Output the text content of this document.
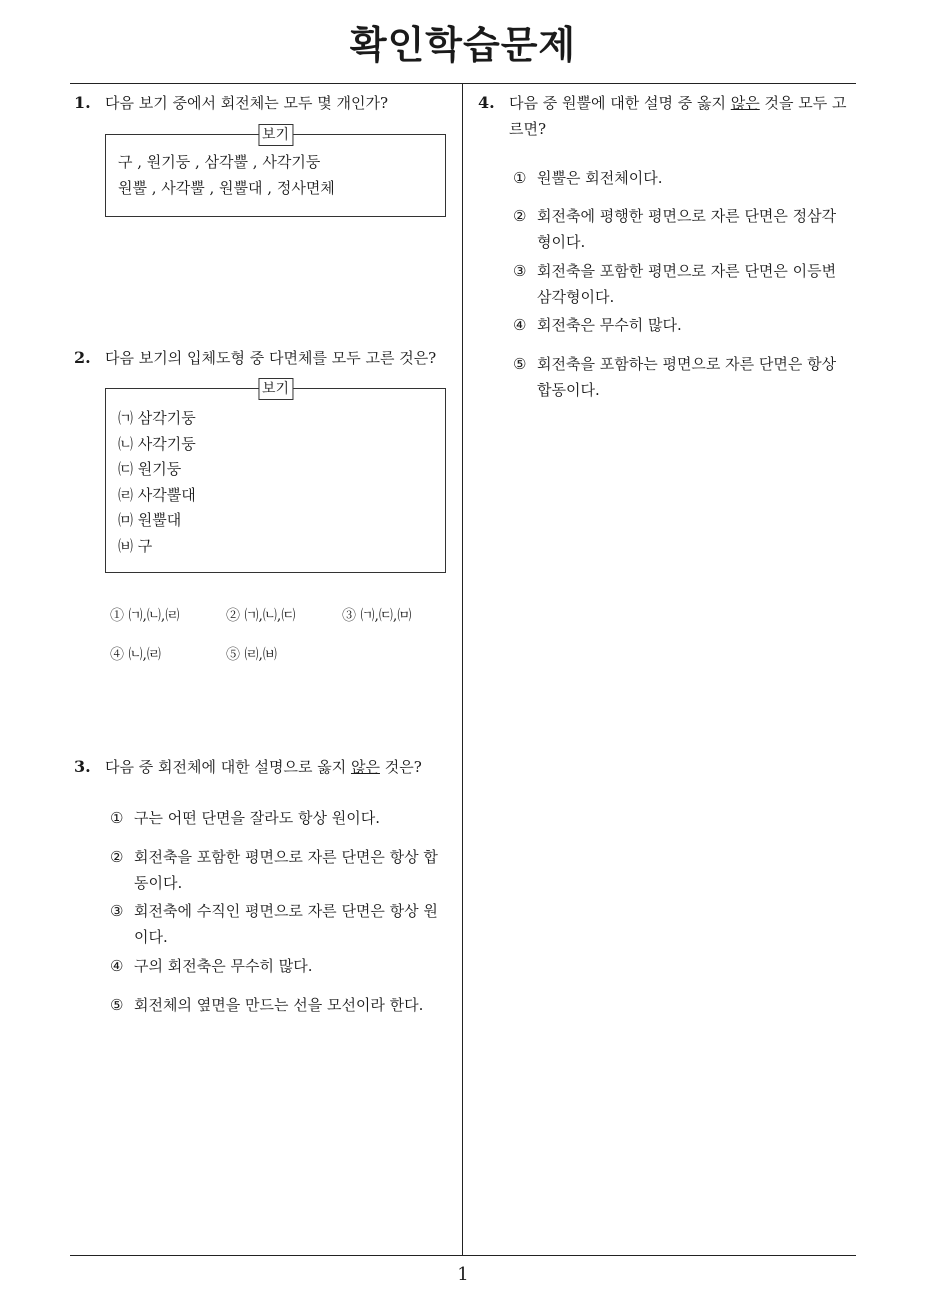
확인학습문제
1
1. 다음 보기 중에서 회전체는 모두 몇 개인가?
보기
구 , 원기둥 , 삼각뿔 , 사각기둥
원뿔 , 사각뿔 , 원뿔대 , 정사면체
2. 다음 보기의 입체도형 중 다면체를 모두 고른 것은?
보기
㈀ 삼각기둥
㈁ 사각기둥
㈂ 원기둥
㈃ 사각뿔대
㈄ 원뿔대
㈅ 구
① ㈀,㈁,㈃	② ㈀,㈁,㈂	③ ㈀,㈂,㈄
④ ㈁,㈃	⑤ ㈃,㈅
3. 다음 중 회전체에 대한 설명으로 옳지 않은 것은?
① 구는 어떤 단면을 잘라도 항상 원이다.
② 회전축을 포함한 평면으로 자른 단면은 항상 합
동이다.
③ 회전축에 수직인 평면으로 자른 단면은 항상 원
이다.
④ 구의 회전축은 무수히 많다.
⑤ 회전체의 옆면을 만드는 선을 모선이라 한다.
4. 다음 중 원뿔에 대한 설명 중 옳지 않은 것을 모두 고
르면?
① 원뿔은 회전체이다.
② 회전축에 평행한 평면으로 자른 단면은 정삼각
형이다.
③ 회전축을 포함한 평면으로 자른 단면은 이등변
삼각형이다.
④ 회전축은 무수히 많다.
⑤ 회전축을 포함하는 평면으로 자른 단면은 항상
합동이다.
